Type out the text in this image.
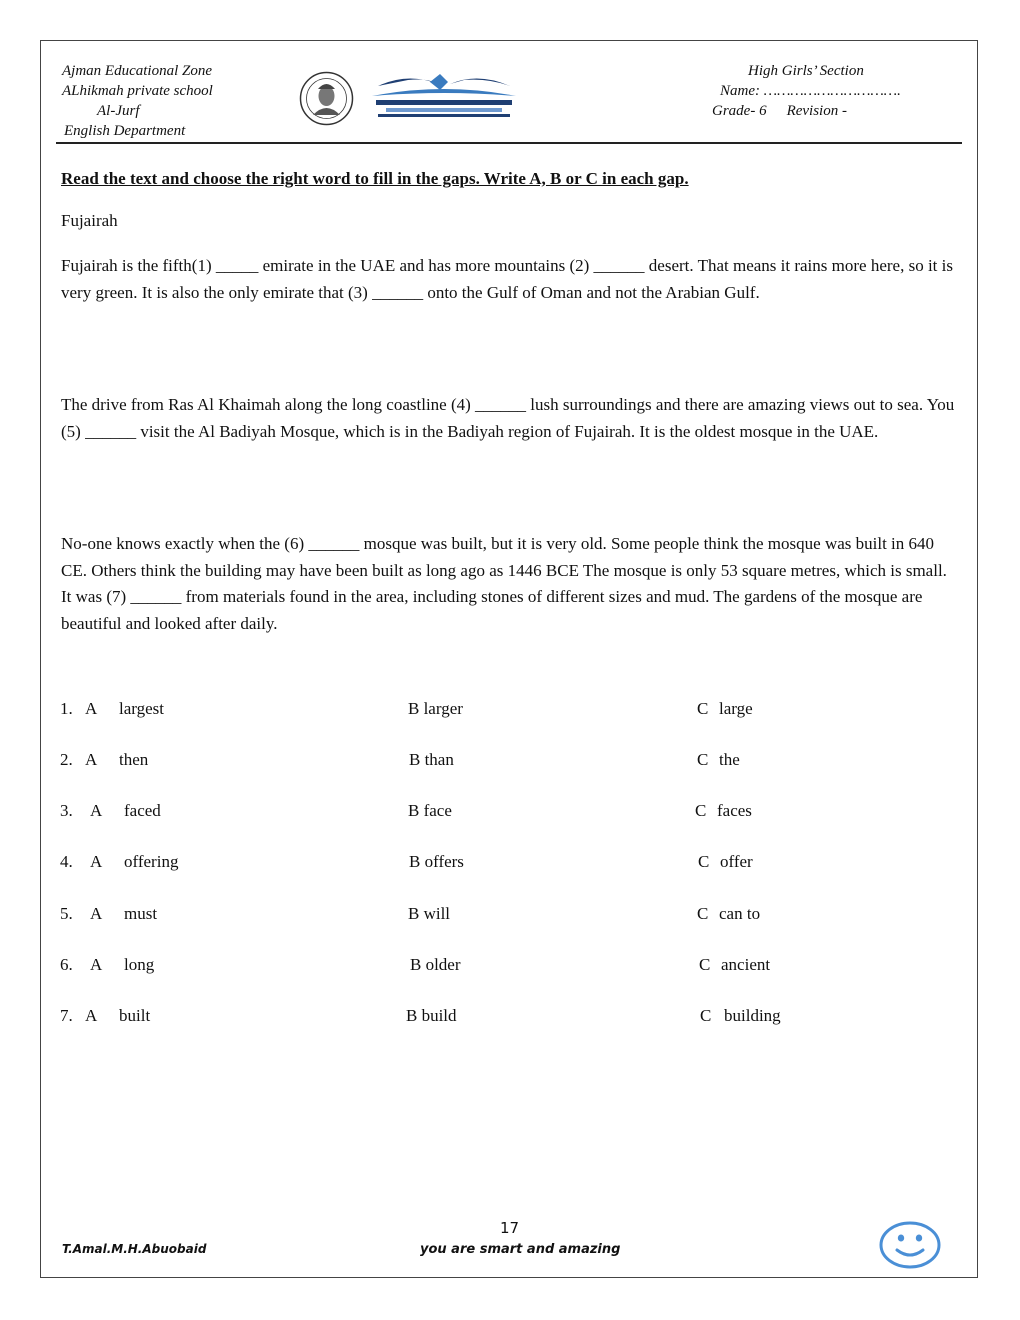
Ajman Educational Zone
ALhikmah private school
Al-Jurf
English Department
High Girls’ Section
Name: ………………………….
Grade- 6 Revision -
Read the text and choose the right word to fill in the gaps. Write A, B or C in each gap.
Fujairah
Fujairah is the fifth(1) _____ emirate in the UAE and has more mountains (2) ______ desert. That means it rains more here, so it is very green. It is also the only emirate that (3) ______ onto the Gulf of Oman and not the Arabian Gulf.
The drive from Ras Al Khaimah along the long coastline (4) ______ lush surroundings and there are amazing views out to sea. You (5) ______ visit the Al Badiyah Mosque, which is in the Badiyah region of Fujairah. It is the oldest mosque in the UAE.
No-one knows exactly when the (6) ______ mosque was built, but it is very old. Some people think the mosque was built in 640 CE. Others think the building may have been built as long ago as 1446 BCE The mosque is only 53 square metres, which is small. It was (7) ______ from materials found in the area, including stones of different sizes and mud. The gardens of the mosque are beautiful and looked after daily.
1. A largest	B larger	C large
2. A then	B than	C the
3. A faced	B face	C faces
4. A offering	B offers	C offer
5. A must	B will	C can to
6. A long	B older	C ancient
7. A built	B build	C building
17
T.Amal.M.H.Abuobaid	you are smart and amazing
